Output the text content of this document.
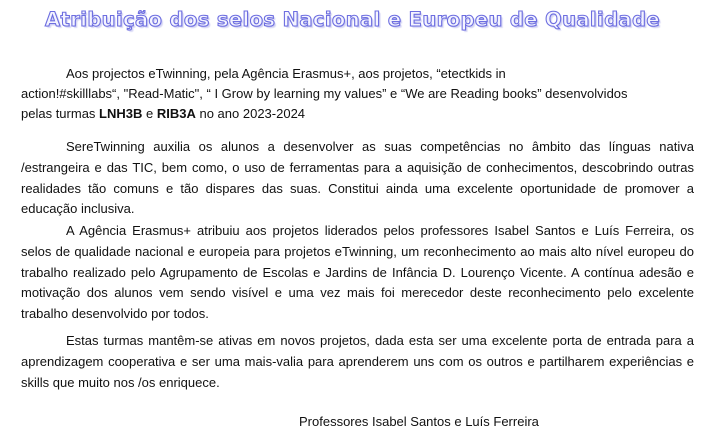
Atribuição dos selos Nacional e Europeu de Qualidade
Aos projectos eTwinning, pela Agência Erasmus+, aos projetos, “etectkids in
action!#skilllabs“, "Read-Matic", “ I Grow by learning my values” e “We are Reading books” desenvolvidos
pelas turmas LNH3B e RIB3A no ano 2023-2024

SereTwinning auxilia os alunos a desenvolver as suas competências no âmbito das línguas nativa /estrangeira e das TIC, bem como, o uso de ferramentas para a aquisição de conhecimentos, descobrindo outras realidades tão comuns e tão dispares das suas. Constitui ainda uma excelente oportunidade de promover a educação inclusiva.

A Agência Erasmus+ atribuiu aos projetos liderados pelos professores Isabel Santos e Luís Ferreira, os selos de qualidade nacional e europeia para projetos eTwinning, um reconhecimento ao mais alto nível europeu do trabalho realizado pelo Agrupamento de Escolas e Jardins de Infância D. Lourenço Vicente. A contínua adesão e motivação dos alunos vem sendo visível e uma vez mais foi merecedor deste reconhecimento pelo excelente trabalho desenvolvido por todos.

Estas turmas mantêm-se ativas em novos projetos, dada esta ser uma excelente porta de entrada para a aprendizagem cooperativa e ser uma mais-valia para aprenderem uns com os outros e partilharem experiências e skills que muito nos /os enriquece.

Professores Isabel Santos e Luís Ferreira
